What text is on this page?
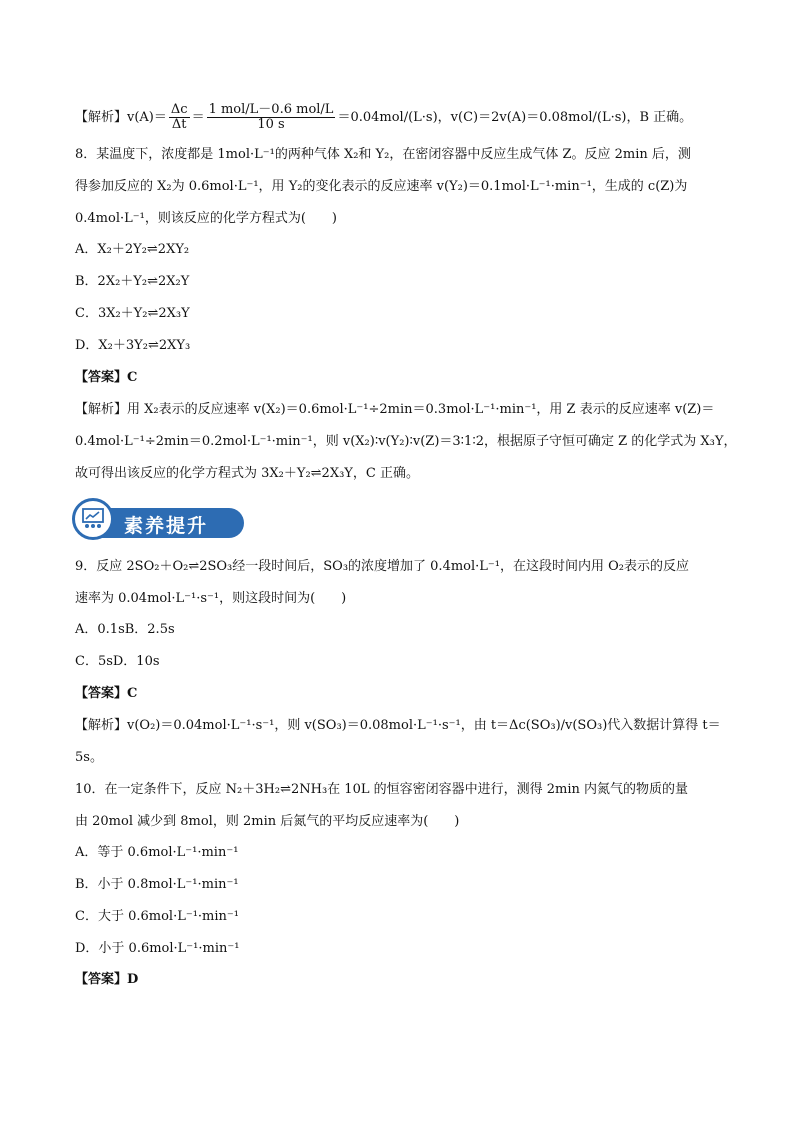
【解析】$v(A)= \frac{\Delta c}{\Delta t} = \frac{\text{1 mol/L－0.6 mol/L}}{10 s} =0.04mol/(L\cdot s)$，v(C)＝2v(A)＝0.08mol/(L·s)，B 正确。
8．某温度下，浓度都是 1mol·L⁻¹的两种气体 X₂和 Y₂，在密闭容器中反应生成气体 Z。反应 2min 后，测
得参加反应的 X₂为 0.6mol·L⁻¹，用 Y₂的变化表示的反应速率 v(Y₂)＝0.1mol·L⁻¹·min⁻¹，生成的 c(Z)为
0.4mol·L⁻¹，则该反应的化学方程式为(　　)
A．X₂＋2Y₂⇌2XY₂
B．2X₂＋Y₂⇌2X₂Y
C．3X₂＋Y₂⇌2X₃Y
D．X₂＋3Y₂⇌2XY₃
【答案】C
【解析】用 X₂表示的反应速率 v(X₂)＝0.6mol·L⁻¹÷2min＝0.3mol·L⁻¹·min⁻¹，用 Z 表示的反应速率 v(Z)＝
0.4mol·L⁻¹÷2min＝0.2mol·L⁻¹·min⁻¹，则 v(X₂)∶v(Y₂)∶v(Z)＝3∶1∶2，根据原子守恒可确定 Z 的化学式为 X₃Y，
故可得出该反应的化学方程式为 3X₂＋Y₂⇌2X₃Y，C 正确。
素养提升
9．反应 2SO₂＋O₂⇌2SO₃经一段时间后，SO₃的浓度增加了 0.4mol·L⁻¹，在这段时间内用 O₂表示的反应
速率为 0.04mol·L⁻¹·s⁻¹，则这段时间为(　　)
A．0.1sB．2.5s
C．5sD．10s
【答案】C
【解析】v(O₂)＝0.04mol·L⁻¹·s⁻¹，则 v(SO₃)＝0.08mol·L⁻¹·s⁻¹，由 t＝Δc(SO₃)/v(SO₃)代入数据计算得 t＝
5s。
10．在一定条件下，反应 N₂＋3H₂⇌2NH₃在 10L 的恒容密闭容器中进行，测得 2min 内氮气的物质的量
由 20mol 减少到 8mol，则 2min 后氮气的平均反应速率为(　　)
A．等于 0.6mol·L⁻¹·min⁻¹
B．小于 0.8mol·L⁻¹·min⁻¹
C．大于 0.6mol·L⁻¹·min⁻¹
D．小于 0.6mol·L⁻¹·min⁻¹
【答案】D
